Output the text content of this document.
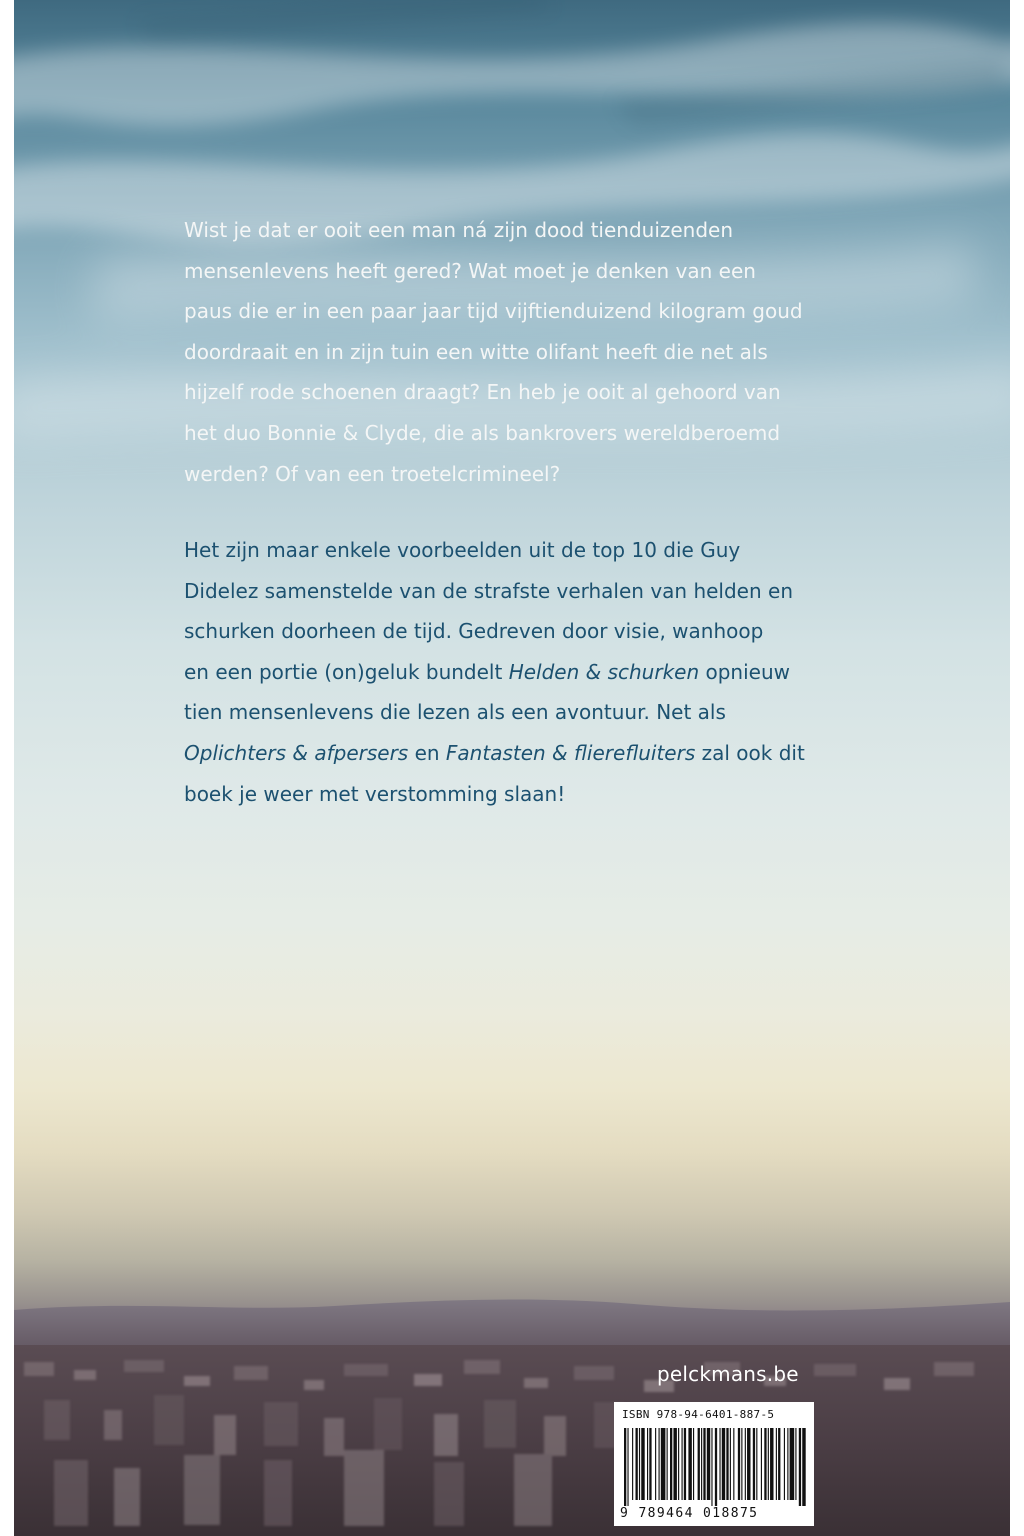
Wist je dat er ooit een man ná zijn dood tienduizenden
mensenlevens heeft gered? Wat moet je denken van een
paus die er in een paar jaar tijd vijftienduizend kilogram goud
doordraait en in zijn tuin een witte olifant heeft die net als
hijzelf rode schoenen draagt? En heb je ooit al gehoord van
het duo Bonnie & Clyde, die als bankrovers wereldberoemd
werden? Of van een troetelcrimineel?
Het zijn maar enkele voorbeelden uit de top 10 die Guy
Didelez samenstelde van de strafste verhalen van helden en
schurken doorheen de tijd. Gedreven door visie, wanhoop
en een portie (on)geluk bundelt Helden & schurken opnieuw
tien mensenlevens die lezen als een avontuur. Net als
Oplichters & afpersers en Fantasten & flierefluiters zal ook dit
boek je weer met verstomming slaan!
pelckmans.be
ISBN 978-94-6401-887-5
9 789464 018875
